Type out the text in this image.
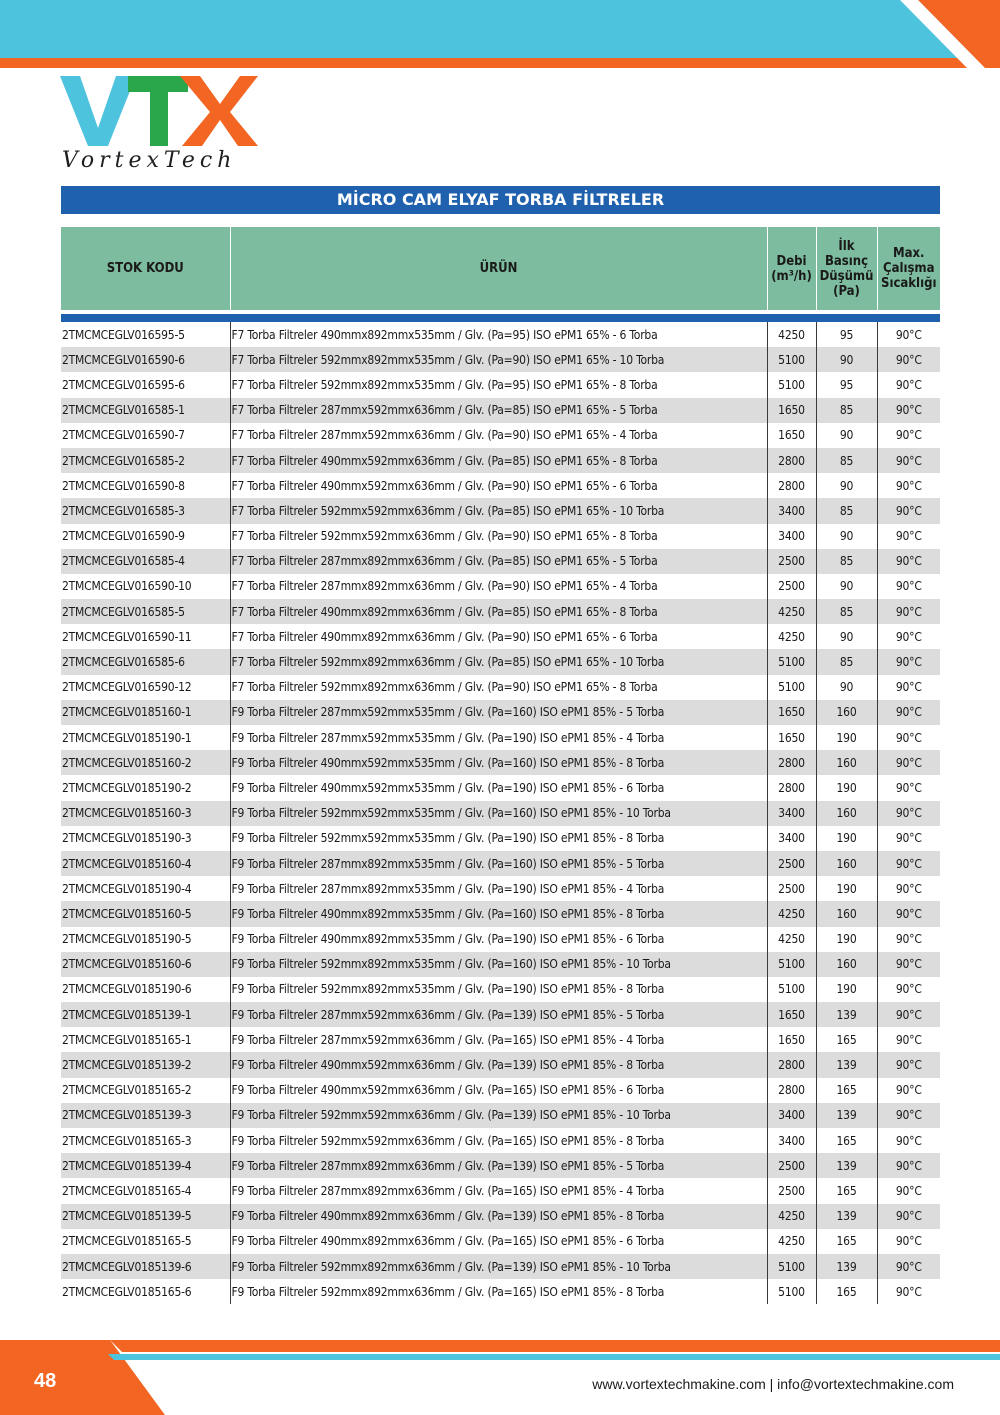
VortexTech
MİCRO CAM ELYAF TORBA FİLTRELER
STOK KODU	ÜRÜN	Debi (m³/h)	İlk Basınç Düşümü (Pa)	Max. Çalışma Sıcaklığı

2TMCMCEGLV016595-5	F7 Torba Filtreler 490mmx892mmx535mm / Glv. (Pa=95) ISO ePM1 65% - 6 Torba	4250	95	90°C
2TMCMCEGLV016590-6	F7 Torba Filtreler 592mmx892mmx535mm / Glv. (Pa=90) ISO ePM1 65% - 10 Torba	5100	90	90°C
2TMCMCEGLV016595-6	F7 Torba Filtreler 592mmx892mmx535mm / Glv. (Pa=95) ISO ePM1 65% - 8 Torba	5100	95	90°C
2TMCMCEGLV016585-1	F7 Torba Filtreler 287mmx592mmx636mm / Glv. (Pa=85) ISO ePM1 65% - 5 Torba	1650	85	90°C
2TMCMCEGLV016590-7	F7 Torba Filtreler 287mmx592mmx636mm / Glv. (Pa=90) ISO ePM1 65% - 4 Torba	1650	90	90°C
2TMCMCEGLV016585-2	F7 Torba Filtreler 490mmx592mmx636mm / Glv. (Pa=85) ISO ePM1 65% - 8 Torba	2800	85	90°C
2TMCMCEGLV016590-8	F7 Torba Filtreler 490mmx592mmx636mm / Glv. (Pa=90) ISO ePM1 65% - 6 Torba	2800	90	90°C
2TMCMCEGLV016585-3	F7 Torba Filtreler 592mmx592mmx636mm / Glv. (Pa=85) ISO ePM1 65% - 10 Torba	3400	85	90°C
2TMCMCEGLV016590-9	F7 Torba Filtreler 592mmx592mmx636mm / Glv. (Pa=90) ISO ePM1 65% - 8 Torba	3400	90	90°C
2TMCMCEGLV016585-4	F7 Torba Filtreler 287mmx892mmx636mm / Glv. (Pa=85) ISO ePM1 65% - 5 Torba	2500	85	90°C
2TMCMCEGLV016590-10	F7 Torba Filtreler 287mmx892mmx636mm / Glv. (Pa=90) ISO ePM1 65% - 4 Torba	2500	90	90°C
2TMCMCEGLV016585-5	F7 Torba Filtreler 490mmx892mmx636mm / Glv. (Pa=85) ISO ePM1 65% - 8 Torba	4250	85	90°C
2TMCMCEGLV016590-11	F7 Torba Filtreler 490mmx892mmx636mm / Glv. (Pa=90) ISO ePM1 65% - 6 Torba	4250	90	90°C
2TMCMCEGLV016585-6	F7 Torba Filtreler 592mmx892mmx636mm / Glv. (Pa=85) ISO ePM1 65% - 10 Torba	5100	85	90°C
2TMCMCEGLV016590-12	F7 Torba Filtreler 592mmx892mmx636mm / Glv. (Pa=90) ISO ePM1 65% - 8 Torba	5100	90	90°C
2TMCMCEGLV0185160-1	F9 Torba Filtreler 287mmx592mmx535mm / Glv. (Pa=160) ISO ePM1 85% - 5 Torba	1650	160	90°C
2TMCMCEGLV0185190-1	F9 Torba Filtreler 287mmx592mmx535mm / Glv. (Pa=190) ISO ePM1 85% - 4 Torba	1650	190	90°C
2TMCMCEGLV0185160-2	F9 Torba Filtreler 490mmx592mmx535mm / Glv. (Pa=160) ISO ePM1 85% - 8 Torba	2800	160	90°C
2TMCMCEGLV0185190-2	F9 Torba Filtreler 490mmx592mmx535mm / Glv. (Pa=190) ISO ePM1 85% - 6 Torba	2800	190	90°C
2TMCMCEGLV0185160-3	F9 Torba Filtreler 592mmx592mmx535mm / Glv. (Pa=160) ISO ePM1 85% - 10 Torba	3400	160	90°C
2TMCMCEGLV0185190-3	F9 Torba Filtreler 592mmx592mmx535mm / Glv. (Pa=190) ISO ePM1 85% - 8 Torba	3400	190	90°C
2TMCMCEGLV0185160-4	F9 Torba Filtreler 287mmx892mmx535mm / Glv. (Pa=160) ISO ePM1 85% - 5 Torba	2500	160	90°C
2TMCMCEGLV0185190-4	F9 Torba Filtreler 287mmx892mmx535mm / Glv. (Pa=190) ISO ePM1 85% - 4 Torba	2500	190	90°C
2TMCMCEGLV0185160-5	F9 Torba Filtreler 490mmx892mmx535mm / Glv. (Pa=160) ISO ePM1 85% - 8 Torba	4250	160	90°C
2TMCMCEGLV0185190-5	F9 Torba Filtreler 490mmx892mmx535mm / Glv. (Pa=190) ISO ePM1 85% - 6 Torba	4250	190	90°C
2TMCMCEGLV0185160-6	F9 Torba Filtreler 592mmx892mmx535mm / Glv. (Pa=160) ISO ePM1 85% - 10 Torba	5100	160	90°C
2TMCMCEGLV0185190-6	F9 Torba Filtreler 592mmx892mmx535mm / Glv. (Pa=190) ISO ePM1 85% - 8 Torba	5100	190	90°C
2TMCMCEGLV0185139-1	F9 Torba Filtreler 287mmx592mmx636mm / Glv. (Pa=139) ISO ePM1 85% - 5 Torba	1650	139	90°C
2TMCMCEGLV0185165-1	F9 Torba Filtreler 287mmx592mmx636mm / Glv. (Pa=165) ISO ePM1 85% - 4 Torba	1650	165	90°C
2TMCMCEGLV0185139-2	F9 Torba Filtreler 490mmx592mmx636mm / Glv. (Pa=139) ISO ePM1 85% - 8 Torba	2800	139	90°C
2TMCMCEGLV0185165-2	F9 Torba Filtreler 490mmx592mmx636mm / Glv. (Pa=165) ISO ePM1 85% - 6 Torba	2800	165	90°C
2TMCMCEGLV0185139-3	F9 Torba Filtreler 592mmx592mmx636mm / Glv. (Pa=139) ISO ePM1 85% - 10 Torba	3400	139	90°C
2TMCMCEGLV0185165-3	F9 Torba Filtreler 592mmx592mmx636mm / Glv. (Pa=165) ISO ePM1 85% - 8 Torba	3400	165	90°C
2TMCMCEGLV0185139-4	F9 Torba Filtreler 287mmx892mmx636mm / Glv. (Pa=139) ISO ePM1 85% - 5 Torba	2500	139	90°C
2TMCMCEGLV0185165-4	F9 Torba Filtreler 287mmx892mmx636mm / Glv. (Pa=165) ISO ePM1 85% - 4 Torba	2500	165	90°C
2TMCMCEGLV0185139-5	F9 Torba Filtreler 490mmx892mmx636mm / Glv. (Pa=139) ISO ePM1 85% - 8 Torba	4250	139	90°C
2TMCMCEGLV0185165-5	F9 Torba Filtreler 490mmx892mmx636mm / Glv. (Pa=165) ISO ePM1 85% - 6 Torba	4250	165	90°C
2TMCMCEGLV0185139-6	F9 Torba Filtreler 592mmx892mmx636mm / Glv. (Pa=139) ISO ePM1 85% - 10 Torba	5100	139	90°C
2TMCMCEGLV0185165-6	F9 Torba Filtreler 592mmx892mmx636mm / Glv. (Pa=165) ISO ePM1 85% - 8 Torba	5100	165	90°C
48	www.vortextechmakine.com | info@vortextechmakine.com
